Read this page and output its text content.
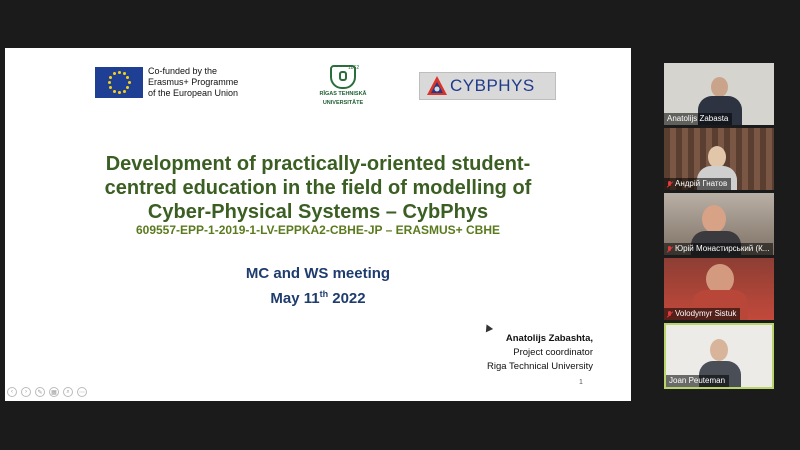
Co-funded by the
Erasmus+ Programme
of the European Union
1862
RĪGAS TEHNISKĀ
UNIVERSITĀTE
CYBPHYS
Development of practically-oriented student-
centred education in the field of modelling of
Cyber-Physical Systems – CybPhys
609557-EPP-1-2019-1-LV-EPPKA2-CBHE-JP – ERASMUS+ CBHE
MC and WS meeting
May 11th 2022
Anatolijs Zabashta,
Project coordinator
Riga Technical University
1
‹	›	✎	▦	⌕	⋯
Anatolijs Zabasta
Андрій Гнатов
Юрій Монастирський (К...
Volodymyr Sistuk
Joan Peuteman
